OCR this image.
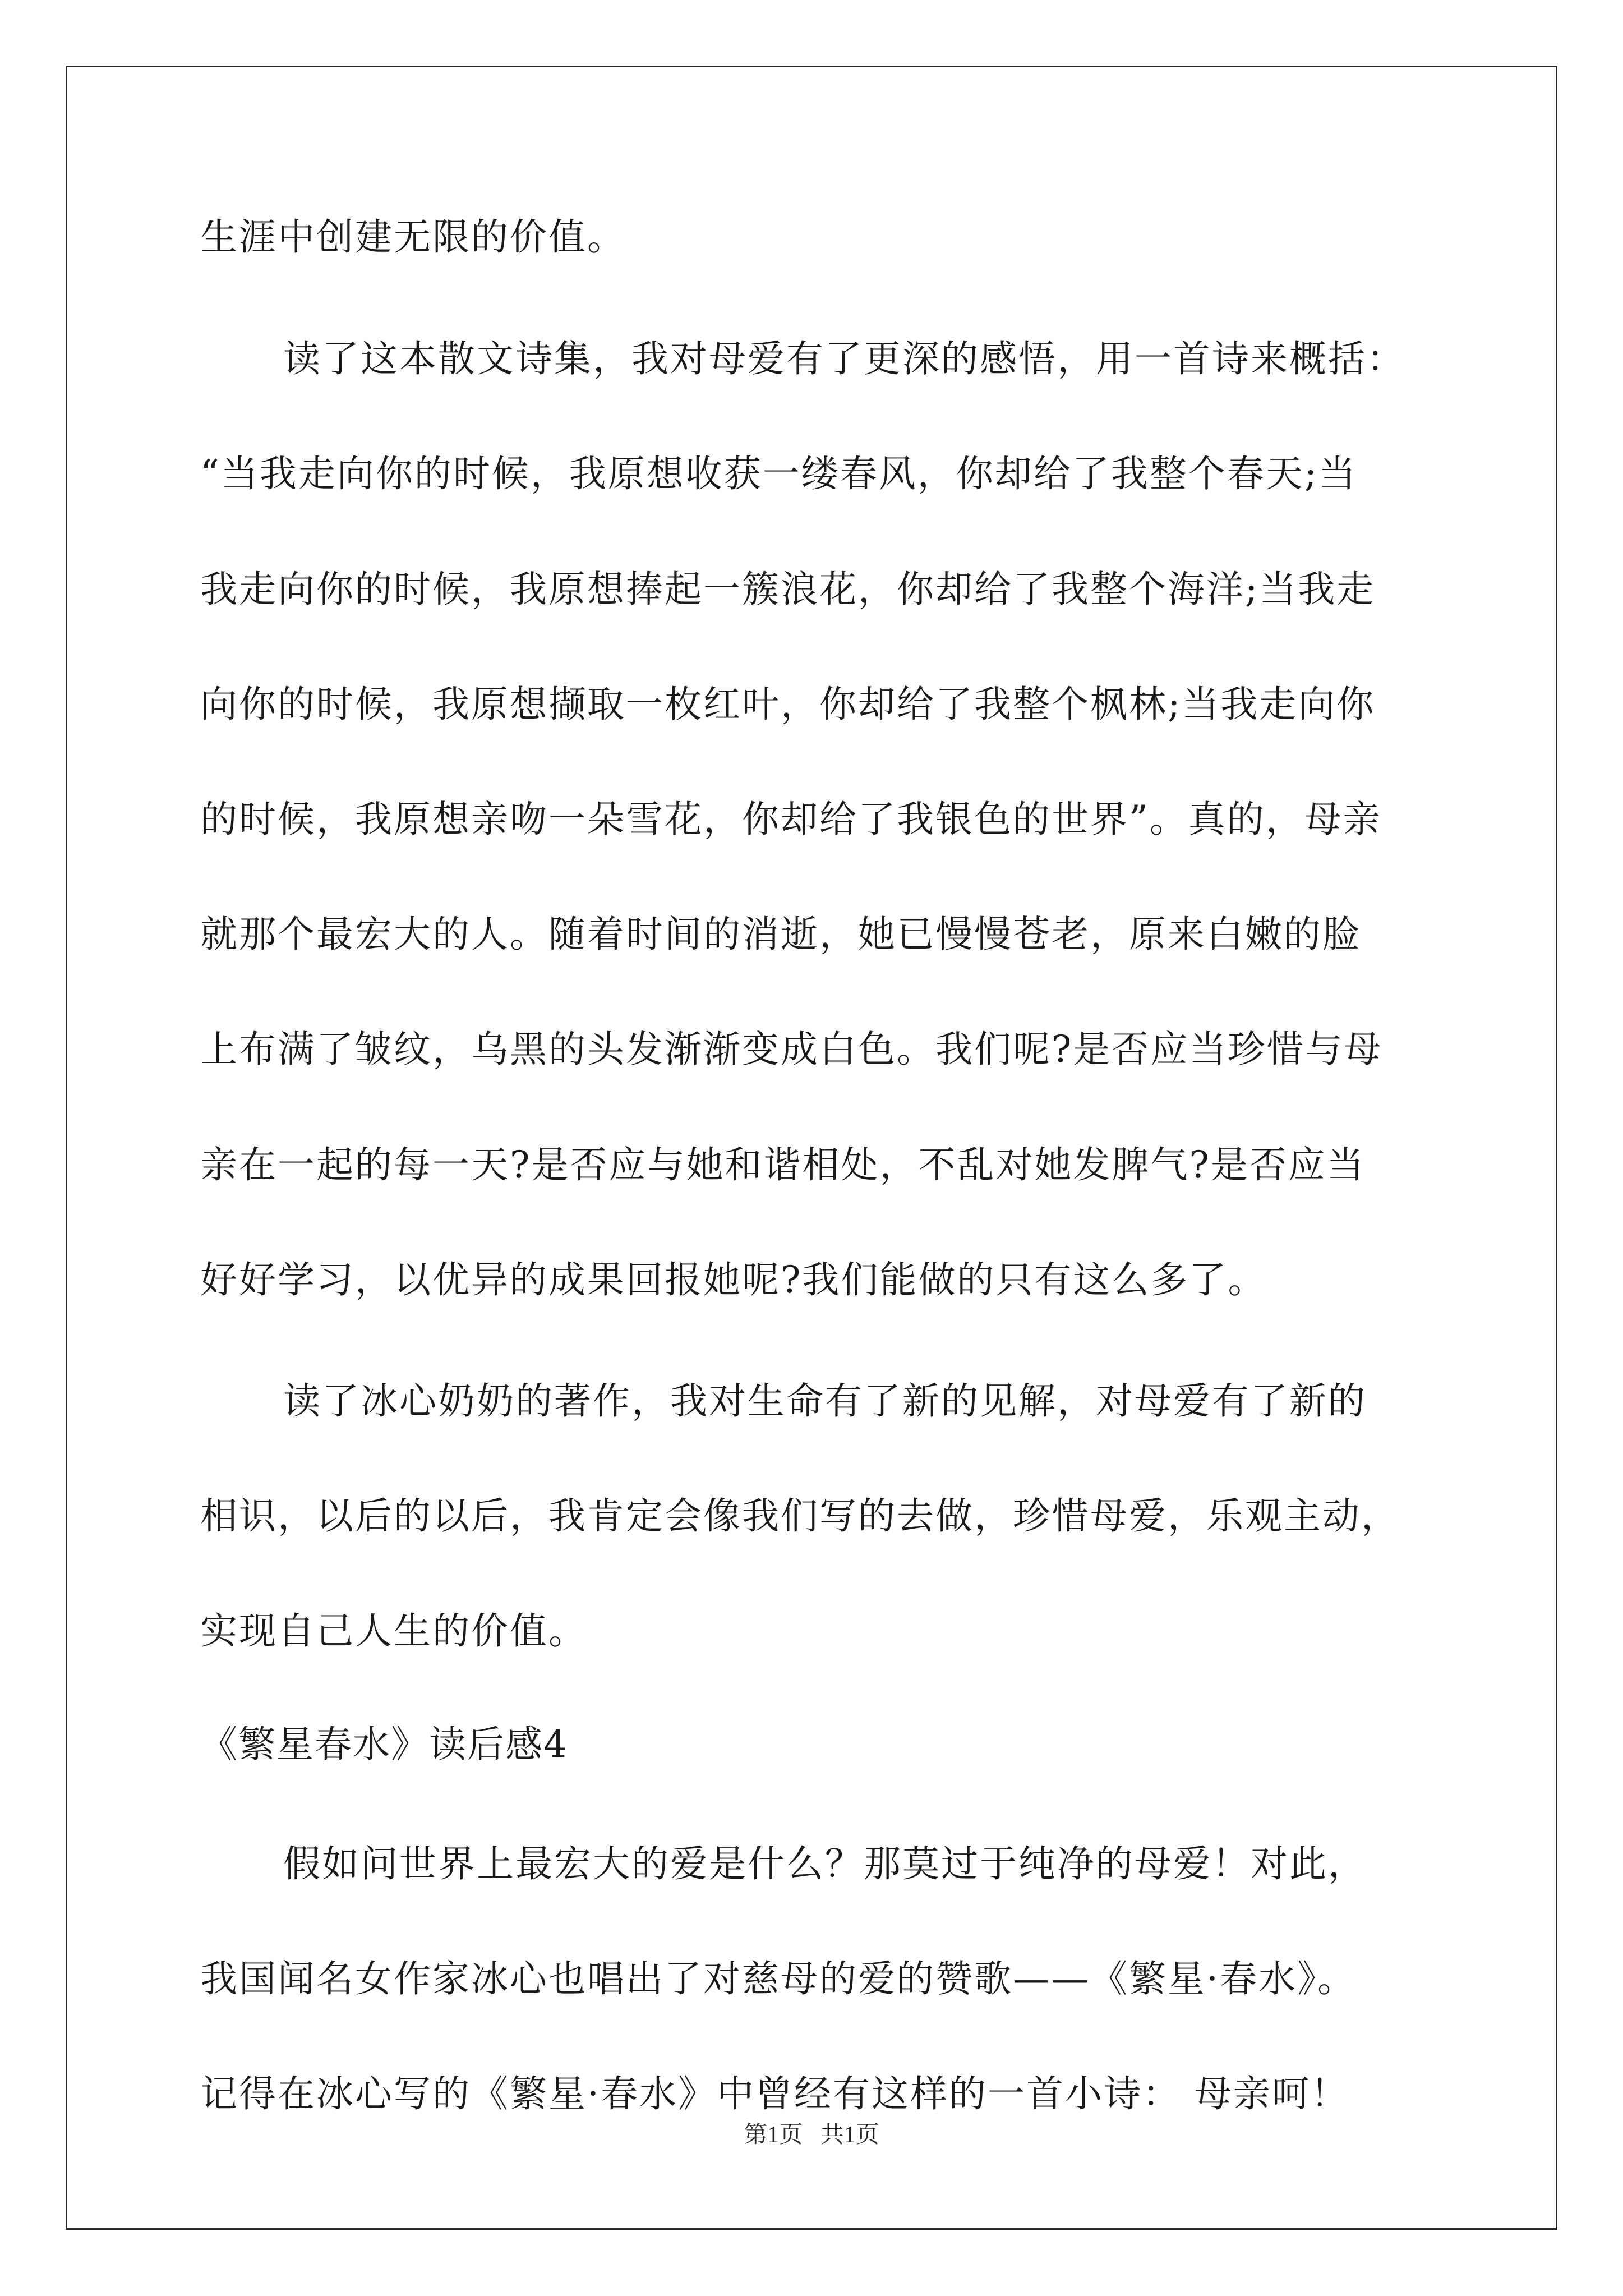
生涯中创建无限的价值。
读了这本散文诗集，我对母爱有了更深的感悟，用一首诗来概括：
“当我走向你的时候，我原想收获一缕春风，你却给了我整个春天;当
我走向你的时候，我原想捧起一簇浪花，你却给了我整个海洋;当我走
向你的时候，我原想撷取一枚红叶，你却给了我整个枫林;当我走向你
的时候，我原想亲吻一朵雪花，你却给了我银色的世界”。真的，母亲
就那个最宏大的人。随着时间的消逝，她已慢慢苍老，原来白嫩的脸
上布满了皱纹，乌黑的头发渐渐变成白色。我们呢?是否应当珍惜与母
亲在一起的每一天?是否应与她和谐相处，不乱对她发脾气?是否应当
好好学习，以优异的成果回报她呢?我们能做的只有这么多了。
读了冰心奶奶的著作，我对生命有了新的见解，对母爱有了新的
相识，以后的以后，我肯定会像我们写的去做，珍惜母爱，乐观主动，
实现自己人生的价值。
《繁星春水》读后感4
假如问世界上最宏大的爱是什么？那莫过于纯净的母爱！对此，
我国闻名女作家冰心也唱出了对慈母的爱的赞歌——《繁星·春水》。
记得在冰心写的《繁星·春水》中曾经有这样的一首小诗： 母亲呵！
第1页   共1页
